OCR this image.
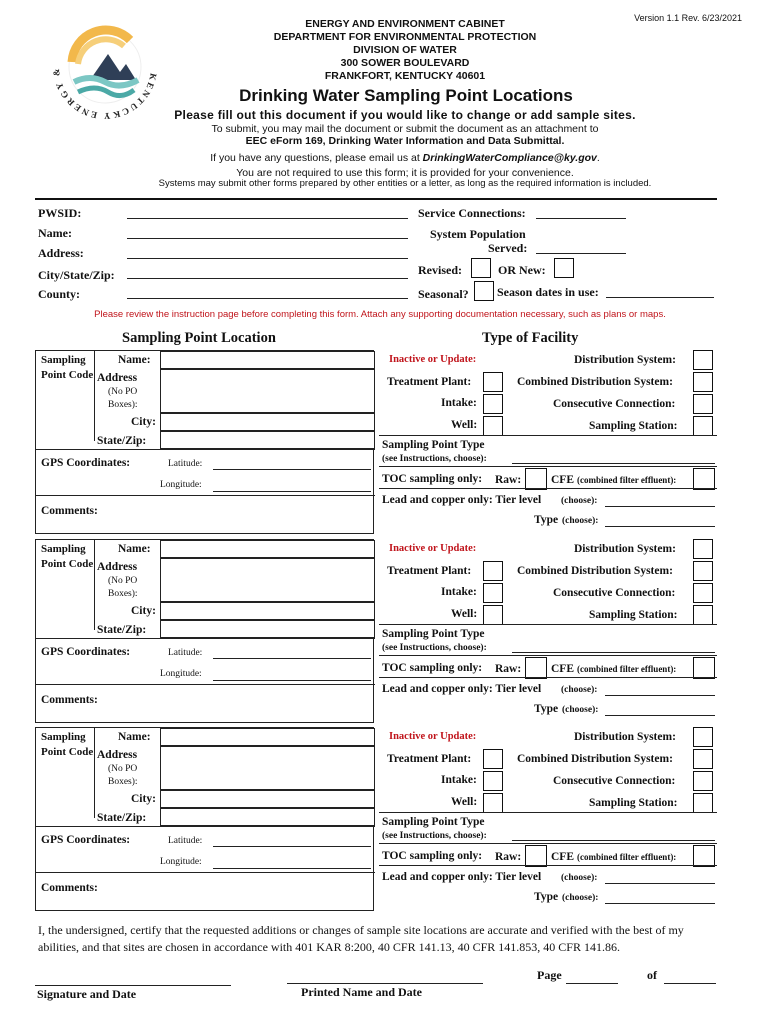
Version 1.1 Rev. 6/23/2021
KENTUCKY ENERGY &
ENERGY AND ENVIRONMENT CABINET
DEPARTMENT FOR ENVIRONMENTAL PROTECTION
DIVISION OF WATER
300 SOWER BOULEVARD
FRANKFORT, KENTUCKY 40601
Drinking Water Sampling Point Locations
Please fill out this document if you would like to change or add sample sites.
To submit, you may mail the document or submit the document as an attachment to
EEC eForm 169, Drinking Water Information and Data Submittal.
If you have any questions, please email us at DrinkingWaterCompliance@ky.gov.
You are not required to use this form; it is provided for your convenience.
Systems may submit other forms prepared by other entities or a letter, as long as the required information is included.
PWSID:
Name:
Address:
City/State/Zip:
County:
Service Connections:
System Population
Served:
Revised:	OR New:
Seasonal? Season dates in use:
Please review the instruction page before completing this form. Attach any supporting documentation necessary, such as plans or maps.
Sampling Point Location	Type of Facility
Sampling
Point Code
Name:
Address
(No PO
Boxes):
City:
State/Zip:
GPS Coordinates:	Latitude:
Longitude:
Comments:
Inactive or Update:	Distribution System:
Treatment Plant:	Combined Distribution System:
Intake:	Consecutive Connection:
Well:	Sampling Station:
Sampling Point Type
(see Instructions, choose):
TOC sampling only: Raw:	CFE (combined filter effluent):
Lead and copper only: Tier level (choose):
Type (choose):
Sampling
Point Code
Name:
Address
(No PO
Boxes):
City:
State/Zip:
GPS Coordinates:	Latitude:
Longitude:
Comments:
Inactive or Update:	Distribution System:
Treatment Plant:	Combined Distribution System:
Intake:	Consecutive Connection:
Well:	Sampling Station:
Sampling Point Type
(see Instructions, choose):
TOC sampling only: Raw:	CFE (combined filter effluent):
Lead and copper only: Tier level (choose):
Type (choose):
Sampling
Point Code
Name:
Address
(No PO
Boxes):
City:
State/Zip:
GPS Coordinates:	Latitude:
Longitude:
Comments:
Inactive or Update:	Distribution System:
Treatment Plant:	Combined Distribution System:
Intake:	Consecutive Connection:
Well:	Sampling Station:
Sampling Point Type
(see Instructions, choose):
TOC sampling only: Raw:	CFE (combined filter effluent):
Lead and copper only: Tier level (choose):
Type (choose):
I, the undersigned, certify that the requested additions or changes of sample site locations are accurate and verified with the best of my abilities, and that sites are chosen in accordance with 401 KAR 8:200, 40 CFR 141.13, 40 CFR 141.853, 40 CFR 141.86.
Signature and Date	Printed Name and Date
Page	of
